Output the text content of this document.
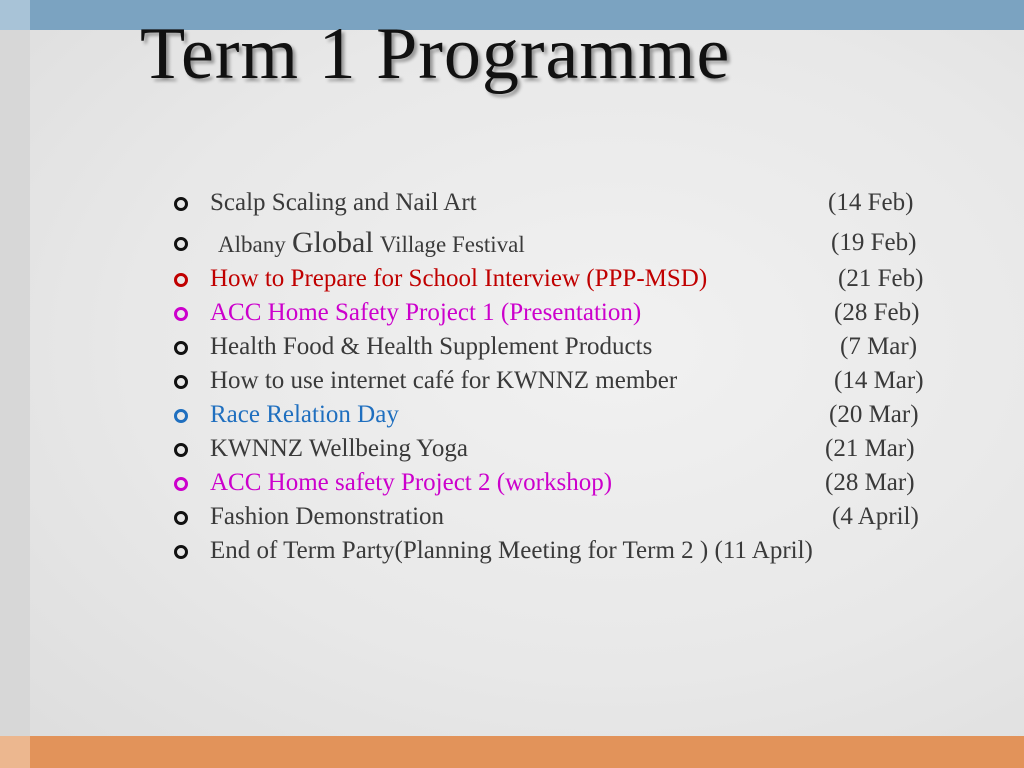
Term 1 Programme
Scalp Scaling and Nail Art	(14 Feb)
Albany Global Village Festival	(19 Feb)
How to Prepare for School Interview (PPP-MSD)	(21 Feb)
ACC Home Safety Project 1 (Presentation)	(28 Feb)
Health Food & Health Supplement Products	(7 Mar)
How to use internet café for KWNNZ member	(14 Mar)
Race Relation Day	(20 Mar)
KWNNZ Wellbeing Yoga	(21 Mar)
ACC Home safety Project 2 (workshop)	(28 Mar)
Fashion Demonstration	(4 April)
End of Term Party(Planning Meeting for Term 2 ) (11 April)
